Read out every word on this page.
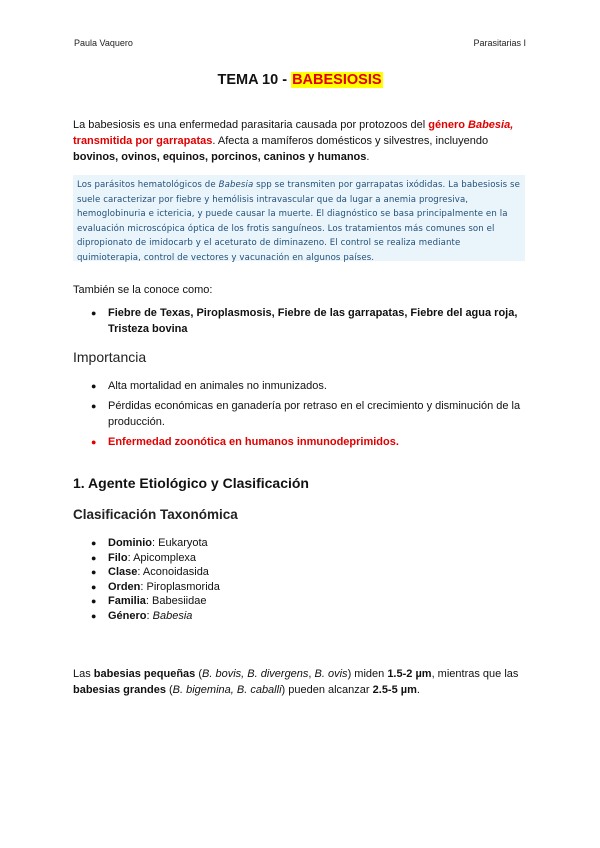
Paula Vaquero	Parasitarias I
TEMA 10 - BABESIOSIS
La babesiosis es una enfermedad parasitaria causada por protozoos del género Babesia,
transmitida por garrapatas. Afecta a mamíferos domésticos y silvestres, incluyendo
bovinos, ovinos, equinos, porcinos, caninos y humanos.
Los parásitos hematológicos de Babesia spp se transmiten por garrapatas ixódidas. La babesiosis se suele caracterizar por fiebre y hemólisis intravascular que da lugar a anemia progresiva, hemoglobinuria e ictericia, y puede causar la muerte. El diagnóstico se basa principalmente en la evaluación microscópica óptica de los frotis sanguíneos. Los tratamientos más comunes son el dipropionato de imidocarb y el aceturato de diminazeno. El control se realiza mediante quimioterapia, control de vectores y vacunación en algunos países.
También se la conoce como:
● Fiebre de Texas, Piroplasmosis, Fiebre de las garrapatas, Fiebre del agua roja, Tristeza bovina
Importancia
● Alta mortalidad en animales no inmunizados.
● Pérdidas económicas en ganadería por retraso en el crecimiento y disminución de la producción.
● Enfermedad zoonótica en humanos inmunodeprimidos.
1. Agente Etiológico y Clasificación
Clasificación Taxonómica
● Dominio: Eukaryota
● Filo: Apicomplexa
● Clase: Aconoidasida
● Orden: Piroplasmorida
● Familia: Babesiidae
● Género: Babesia
Las babesias pequeñas (B. bovis, B. divergens, B. ovis) miden 1.5-2 µm, mientras que las
babesias grandes (B. bigemina, B. caballi) pueden alcanzar 2.5-5 µm.
